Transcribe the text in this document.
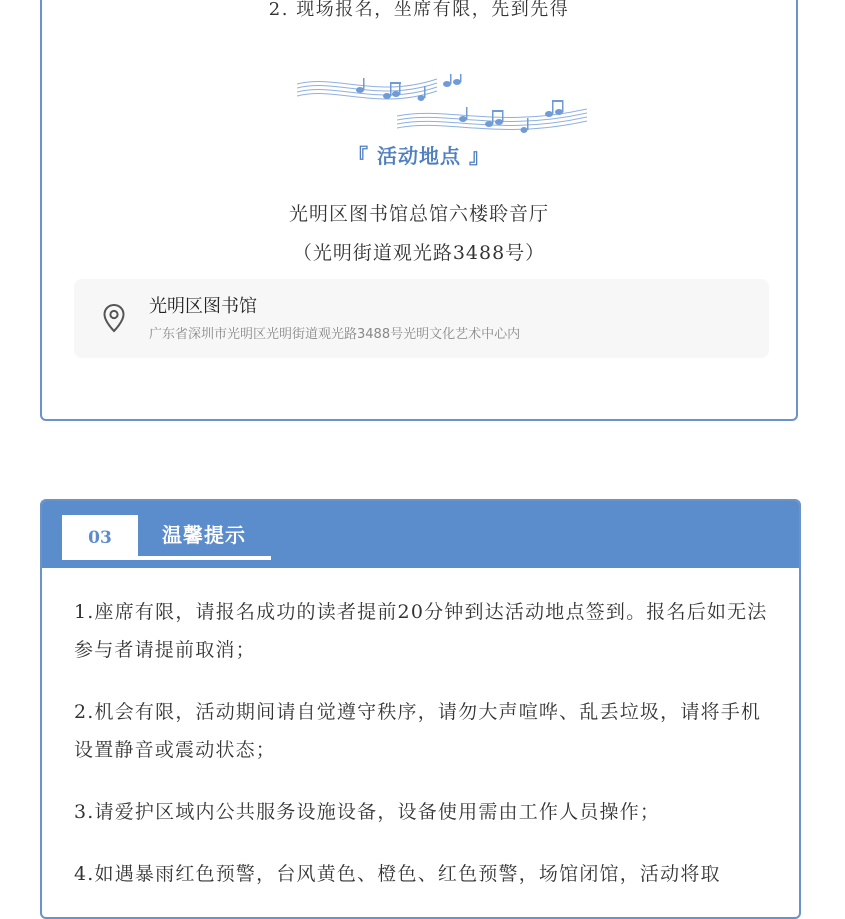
2. 现场报名，坐席有限，先到先得
『 活动地点 』
光明区图书馆总馆六楼聆音厅
（光明街道观光路3488号）
光明区图书馆
广东省深圳市光明区光明街道观光路3488号光明文化艺术中心内
03	温馨提示

1.座席有限，请报名成功的读者提前20分钟到达活动地点签到。报名后如无法参与者请提前取消；

2.机会有限，活动期间请自觉遵守秩序，请勿大声喧哗、乱丢垃圾，请将手机设置静音或震动状态；

3.请爱护区域内公共服务设施设备，设备使用需由工作人员操作；

4.如遇暴雨红色预警，台风黄色、橙色、红色预警，场馆闭馆，活动将取
